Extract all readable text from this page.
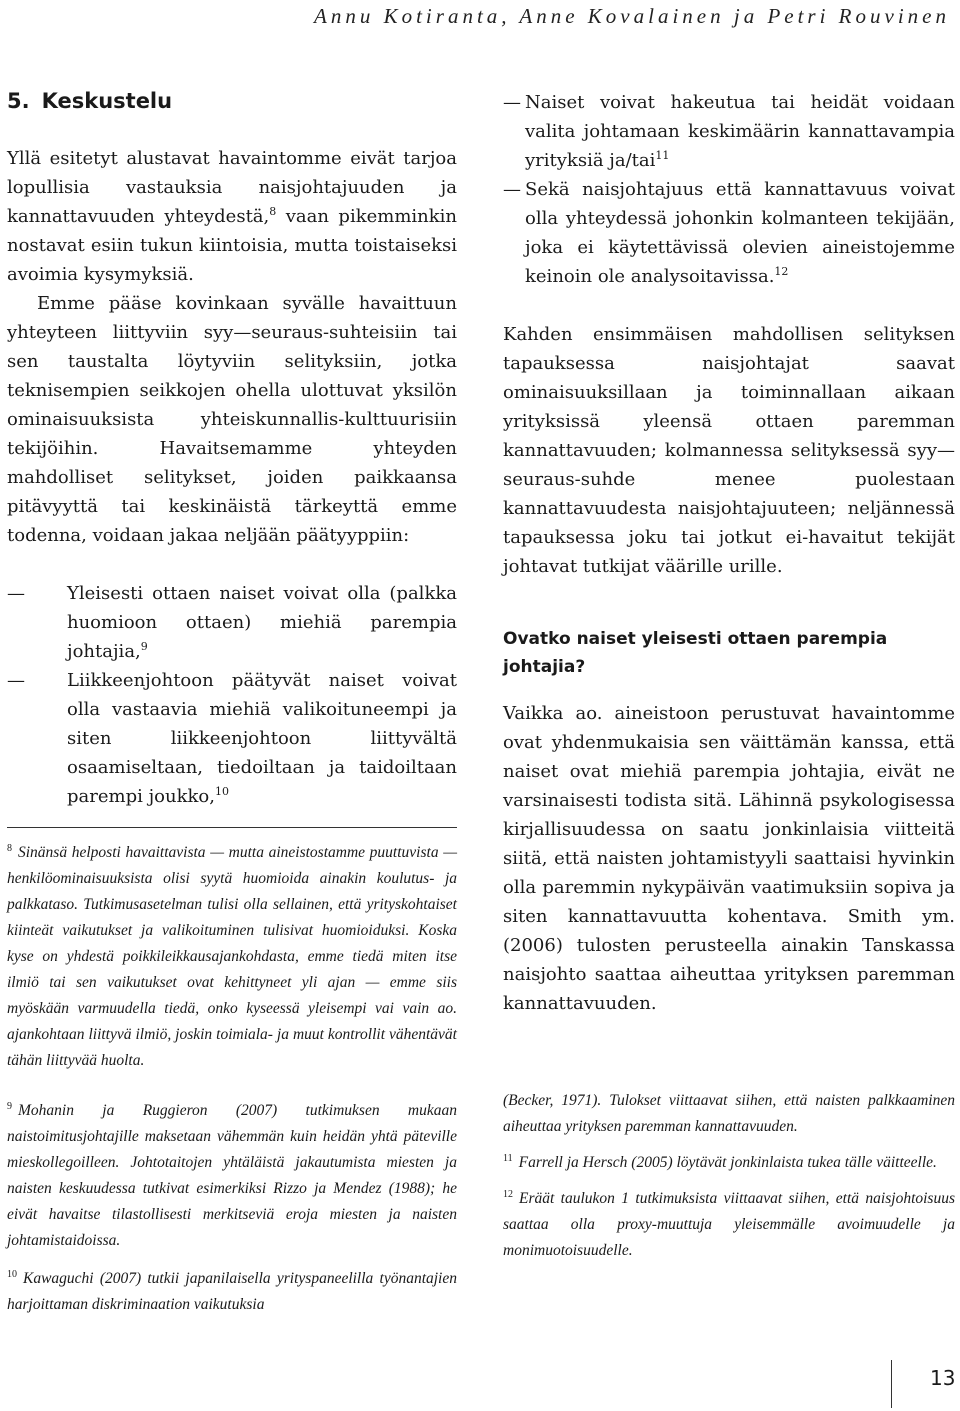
Annu Kotiranta, Anne Kovalainen ja Petri Rouvinen
5. Keskustelu

Yllä esitetyt alustavat havaintomme eivät tarjoa lopullisia vastauksia naisjohtajuuden ja kannattavuuden yhteydestä,$^8$ vaan pikemminkin nostavat esiin tukun kiintoisia, mutta toistaiseksi avoimia kysymyksiä.

Emme pääse kovinkaan syvälle havaittuun yhteyteen liittyviin syy—seuraus-suhteisiin tai sen taustalta löytyviin selityksiin, jotka teknisempien seikkojen ohella ulottuvat yksilön ominaisuuksista yhteiskunnallis-kulttuurisiin tekijöihin. Havaitsemamme yhteyden mahdolliset selitykset, joiden paikkaansa pitävyyttä tai keskinäistä tärkeyttä emme todenna, voidaan jakaa neljään päätyyppiin:

— Yleisesti ottaen naiset voivat olla (palkka huomioon ottaen) miehiä parempia johtajia,$^9$
— Liikkeenjohtoon päätyvät naiset voivat olla vastaavia miehiä valikoituneempi ja siten liikkeenjohtoon liittyvältä osaamiseltaan, tiedoiltaan ja taidoiltaan parempi joukko,$^{10}$

$^8$ Sinänsä helposti havaittavista — mutta aineistostamme puuttuvista — henkilöominaisuuksista olisi syytä huomioida ainakin koulutus- ja palkkataso. Tutkimusasetelman tulisi olla sellainen, että yrityskohtaiset kiinteät vaikutukset ja valikoituminen tulisivat huomioiduksi. Koska kyse on yhdestä poikkileikkausajankohdasta, emme tiedä miten itse ilmiö tai sen vaikutukset ovat kehittyneet yli ajan — emme siis myöskään varmuudella tiedä, onko kyseessä yleisempi vai vain ao. ajankohtaan liittyvä ilmiö, joskin toimiala- ja muut kontrollit vähentävät tähän liittyvää huolta.

$^9$ Mohanin ja Ruggieron (2007) tutkimuksen mukaan naistoimitusjohtajille maksetaan vähemmän kuin heidän yhtä päteville mieskollegoilleen. Johtotaitojen yhtäläistä jakautumista miesten ja naisten keskuudessa tutkivat esimerkiksi Rizzo ja Mendez (1988); he eivät havaitse tilastollisesti merkitseviä eroja miesten ja naisten johtamistaidoissa.

$^{10}$ Kawaguchi (2007) tutkii japanilaisella yrityspaneelilla työnantajien harjoittaman diskriminaation vaikutuksia

— Naiset voivat hakeutua tai heidät voidaan valita johtamaan keskimäärin kannattavampia yrityksiä ja/tai$^{11}$
— Sekä naisjohtajuus että kannattavuus voivat olla yhteydessä johonkin kolmanteen tekijään, joka ei käytettävissä olevien aineistojemme keinoin ole analysoitavissa.$^{12}$

Kahden ensimmäisen mahdollisen selityksen tapauksessa naisjohtajat saavat ominaisuuksillaan ja toiminnallaan aikaan yrityksissä yleensä ottaen paremman kannattavuuden; kolmannessa selityksessä syy—seuraus-suhde menee puolestaan kannattavuudesta naisjohtajuuteen; neljännessä tapauksessa joku tai jotkut ei-havaitut tekijät johtavat tutkijat väärille urille.

Ovatko naiset yleisesti ottaen parempia johtajia?

Vaikka ao. aineistoon perustuvat havaintomme ovat yhdenmukaisia sen väittämän kanssa, että naiset ovat miehiä parempia johtajia, eivät ne varsinaisesti todista sitä. Lähinnä psykologisessa kirjallisuudessa on saatu jonkinlaisia viitteitä siitä, että naisten johtamistyyli saattaisi hyvinkin olla paremmin nykypäivän vaatimuksiin sopiva ja siten kannattavuutta kohentava. Smith ym. (2006) tulosten perusteella ainakin Tanskassa naisjohto saattaa aiheuttaa yrityksen paremman kannattavuuden.

(Becker, 1971). Tulokset viittaavat siihen, että naisten palkkaaminen aiheuttaa yrityksen paremman kannattavuuden.

$^{11}$ Farrell ja Hersch (2005) löytävät jonkinlaista tukea tälle väitteelle.

$^{12}$ Eräät taulukon 1 tutkimuksista viittaavat siihen, että naisjohtoisuus saattaa olla proxy-muuttuja yleisemmälle avoimuudelle ja monimuotoisuudelle.

13
